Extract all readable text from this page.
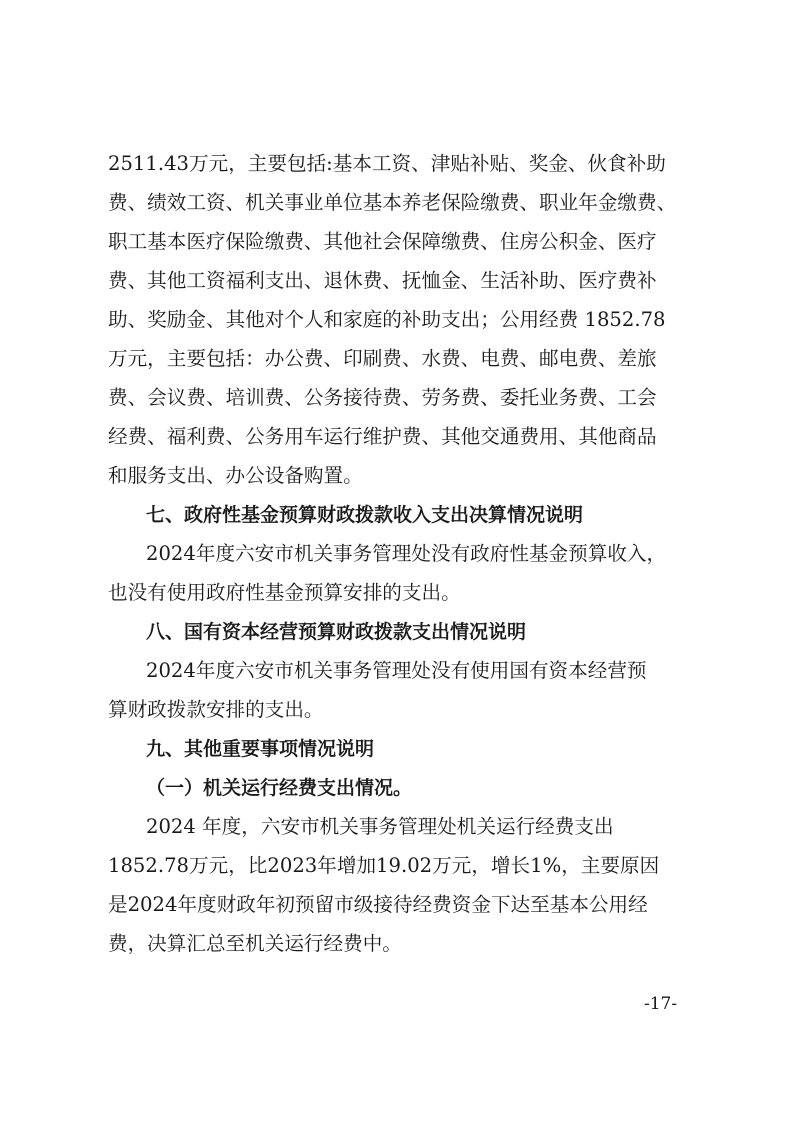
2511.43万元，主要包括:基本工资、津贴补贴、奖金、伙食补助
费、绩效工资、机关事业单位基本养老保险缴费、职业年金缴费、
职工基本医疗保险缴费、其他社会保障缴费、住房公积金、医疗
费、其他工资福利支出、退休费、抚恤金、生活补助、医疗费补
助、奖励金、其他对个人和家庭的补助支出；公用经费 1852.78
万元，主要包括：办公费、印刷费、水费、电费、邮电费、差旅
费、会议费、培训费、公务接待费、劳务费、委托业务费、工会
经费、福利费、公务用车运行维护费、其他交通费用、其他商品
和服务支出、办公设备购置。
七、政府性基金预算财政拨款收入支出决算情况说明
2024年度六安市机关事务管理处没有政府性基金预算收入，
也没有使用政府性基金预算安排的支出。
八、国有资本经营预算财政拨款支出情况说明
2024年度六安市机关事务管理处没有使用国有资本经营预
算财政拨款安排的支出。
九、其他重要事项情况说明
（一）机关运行经费支出情况。
2024 年度，六安市机关事务管理处机关运行经费支出
1852.78万元，比2023年增加19.02万元，增长1%，主要原因
是2024年度财政年初预留市级接待经费资金下达至基本公用经
费，决算汇总至机关运行经费中。
-17-
